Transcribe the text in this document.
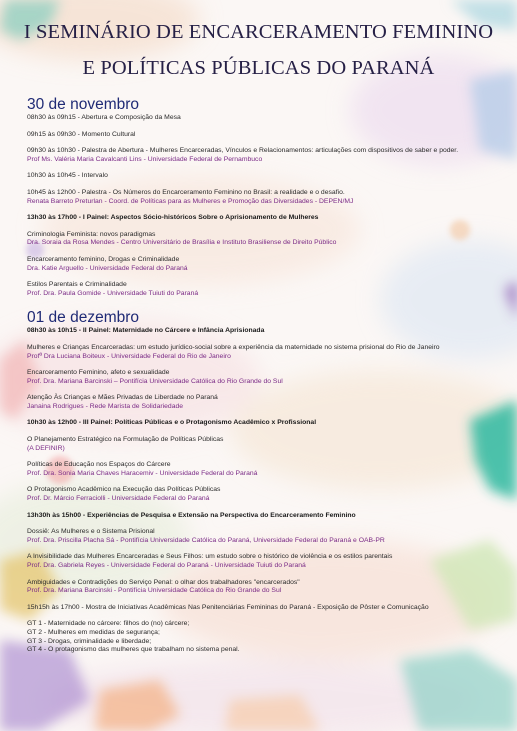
I SEMINÁRIO DE ENCARCERAMENTO FEMININO
E POLÍTICAS PÚBLICAS DO PARANÁ
30 de novembro
08h30 às 09h15 - Abertura e Composição da Mesa
09h15 às 09h30 - Momento Cultural
09h30 às 10h30 - Palestra de Abertura - Mulheres Encarceradas, Vínculos e Relacionamentos: articulações com dispositivos de saber e poder.
Prof Ms. Valéria Maria Cavalcanti Lins - Universidade Federal de Pernambuco
10h30 às 10h45 - Intervalo
10h45 às 12h00 - Palestra - Os Números do Encarceramento Feminino no Brasil: a realidade e o desafio.
Renata Barreto Preturlan - Coord. de Políticas para as Mulheres e Promoção das Diversidades - DEPEN/MJ
13h30 às 17h00 - I Painel: Aspectos Sócio-históricos Sobre o Aprisionamento de Mulheres
Criminologia Feminista: novos paradigmas
Dra. Soraia da Rosa Mendes - Centro Universitário de Brasília e Instituto Brasiliense de Direito Público
Encarceramento feminino, Drogas e Criminalidade
Dra. Katie Arguello - Universidade Federal do Paraná
Estilos Parentais e Criminalidade
Prof. Dra. Paula Gomide - Universidade Tuiuti do Paraná
01 de dezembro
08h30 às 10h15 - II Painel: Maternidade no Cárcere e Infância Aprisionada
Mulheres e Crianças Encarceradas: um estudo jurídico-social sobre a experiência da maternidade no sistema prisional do Rio de Janeiro
Profª Dra Luciana Boiteux - Universidade Federal do Rio de Janeiro
Encarceramento Feminino, afeto e sexualidade
Prof. Dra. Mariana Barcinski – Pontifícia Universidade Católica do Rio Grande do Sul
Atenção Às Crianças e Mães Privadas de Liberdade no Paraná
Janaina Rodrigues - Rede Marista de Solidariedade
10h30 às 12h00 - III Painel: Políticas Públicas e o Protagonismo Acadêmico x Profissional
O Planejamento Estratégico na Formulação de Políticas Públicas
(A DEFINIR)
Políticas de Educação nos Espaços do Cárcere
Prof. Dra. Sonia Maria Chaves Haracemiv - Universidade Federal do Paraná
O Protagonismo Acadêmico na Execução das Políticas Públicas
Prof. Dr. Márcio Ferraciolli - Universidade Federal do Paraná
13h30h às 15h00 - Experiências de Pesquisa e Extensão na Perspectiva do Encarceramento Feminino
Dossiê: As Mulheres e o Sistema Prisional
Prof. Dra. Priscilla Placha Sá - Pontifícia Universidade Católica do Paraná, Universidade Federal do Paraná e OAB-PR
A Invisibilidade das Mulheres Encarceradas e Seus Filhos: um estudo sobre o histórico de violência e os estilos parentais
Prof. Dra. Gabriela Reyes - Universidade Federal do Paraná - Universidade Tuiuti do Paraná
Ambiguidades e Contradições do Serviço Penal: o olhar dos trabalhadores "encarcerados"
Prof. Dra. Mariana Barcinski - Pontifícia Universidade Católica do Rio Grande do Sul
15h15h às 17h00 - Mostra de Iniciativas Acadêmicas Nas Penitenciárias Femininas do Paraná - Exposição de Pôster e Comunicação
GT 1 - Maternidade no cárcere: filhos do (no) cárcere;
GT 2 - Mulheres em medidas de segurança;
GT 3 - Drogas, criminalidade e liberdade;
GT 4 - O protagonismo das mulheres que trabalham no sistema penal.
